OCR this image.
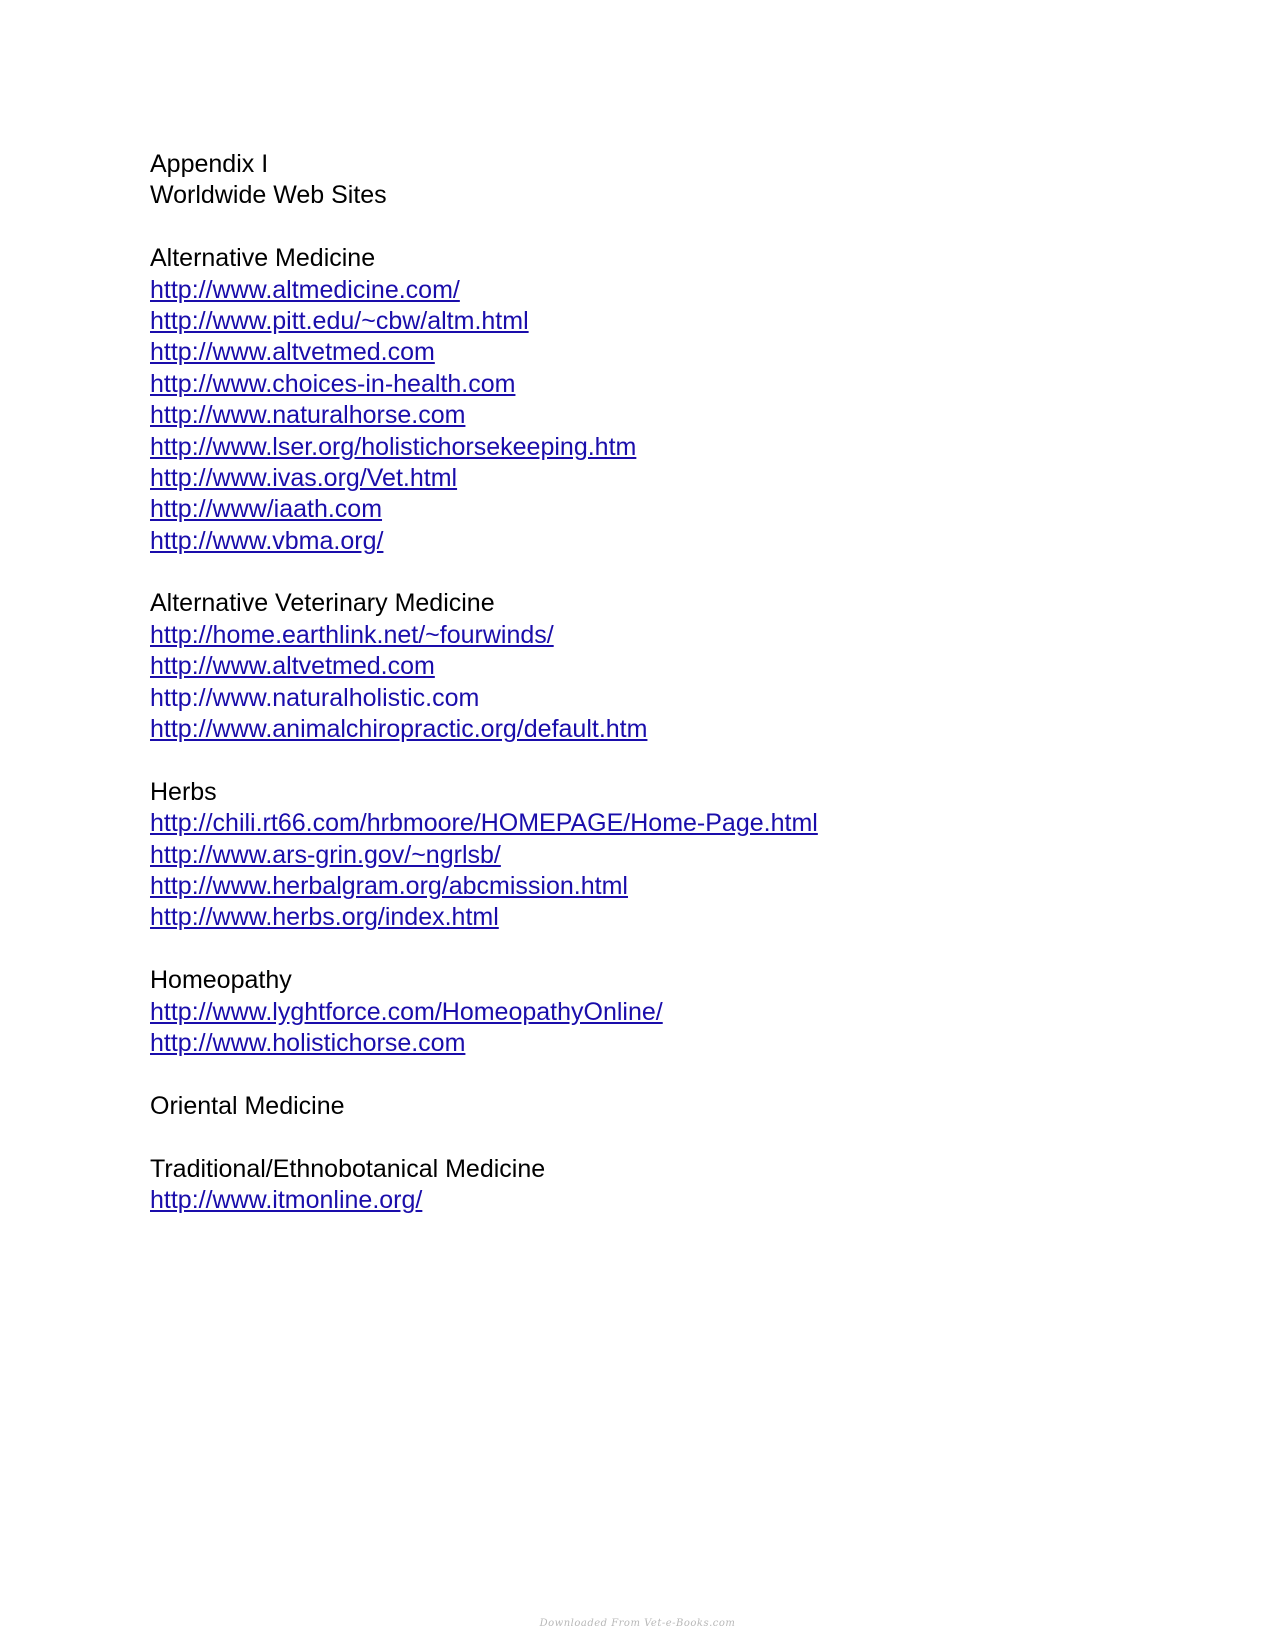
Appendix I
Worldwide Web Sites
Alternative Medicine
http://www.altmedicine.com/
http://www.pitt.edu/~cbw/altm.html
http://www.altvetmed.com
http://www.choices-in-health.com
http://www.naturalhorse.com
http://www.lser.org/holistichorsekeeping.htm
http://www.ivas.org/Vet.html
http://www/iaath.com
http://www.vbma.org/
Alternative Veterinary Medicine
http://home.earthlink.net/~fourwinds/
http://www.altvetmed.com
http://www.naturalholistic.com
http://www.animalchiropractic.org/default.htm
Herbs
http://chili.rt66.com/hrbmoore/HOMEPAGE/Home-Page.html
http://www.ars-grin.gov/~ngrlsb/
http://www.herbalgram.org/abcmission.html
http://www.herbs.org/index.html
Homeopathy
http://www.lyghtforce.com/HomeopathyOnline/
http://www.holistichorse.com
Oriental Medicine
Traditional/Ethnobotanical Medicine
http://www.itmonline.org/
Downloaded From Vet-e-Books.com
